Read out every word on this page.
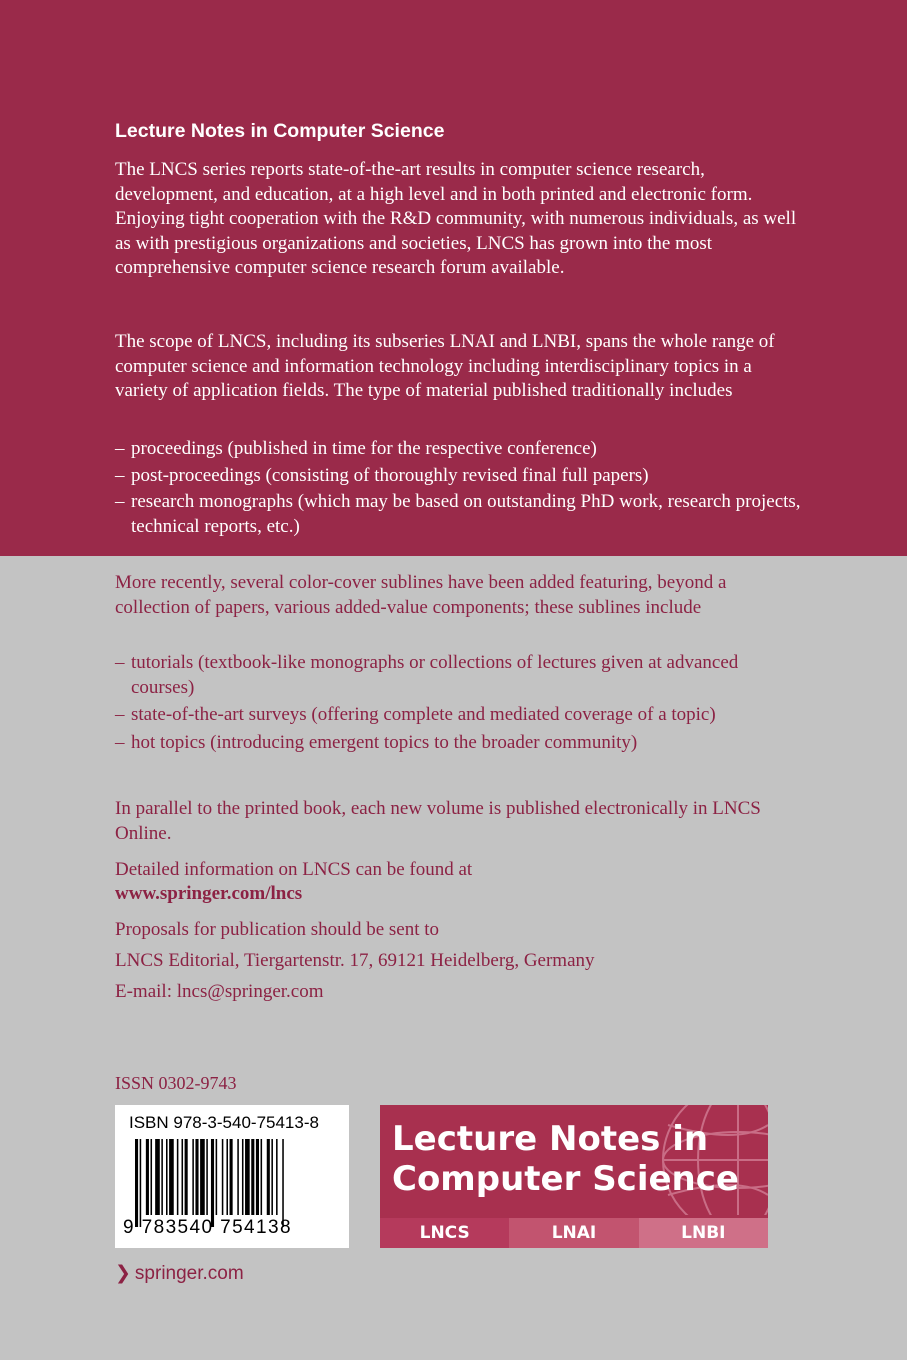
Lecture Notes in Computer Science
The LNCS series reports state-of-the-art results in computer science research, development, and education, at a high level and in both printed and electronic form. Enjoying tight cooperation with the R&D community, with numerous individuals, as well as with prestigious organizations and societies, LNCS has grown into the most comprehensive computer science research forum available.
The scope of LNCS, including its subseries LNAI and LNBI, spans the whole range of computer science and information technology including interdisciplinary topics in a variety of application fields. The type of material published traditionally includes
– proceedings (published in time for the respective conference)
– post-proceedings (consisting of thoroughly revised final full papers)
– research monographs (which may be based on outstanding PhD work, research projects, technical reports, etc.)
More recently, several color-cover sublines have been added featuring, beyond a collection of papers, various added-value components; these sublines include
– tutorials (textbook-like monographs or collections of lectures given at advanced courses)
– state-of-the-art surveys (offering complete and mediated coverage of a topic)
– hot topics (introducing emergent topics to the broader community)
In parallel to the printed book, each new volume is published electronically in LNCS Online.
Detailed information on LNCS can be found at
www.springer.com/lncs
Proposals for publication should be sent to
LNCS Editorial, Tiergartenstr. 17, 69121 Heidelberg, Germany
E-mail: lncs@springer.com
ISSN 0302-9743
ISBN 978-3-540-75413-8
9 783540 754138
Lecture Notes in
Computer Science
LNCS	LNAI	LNBI
❯ springer.com
